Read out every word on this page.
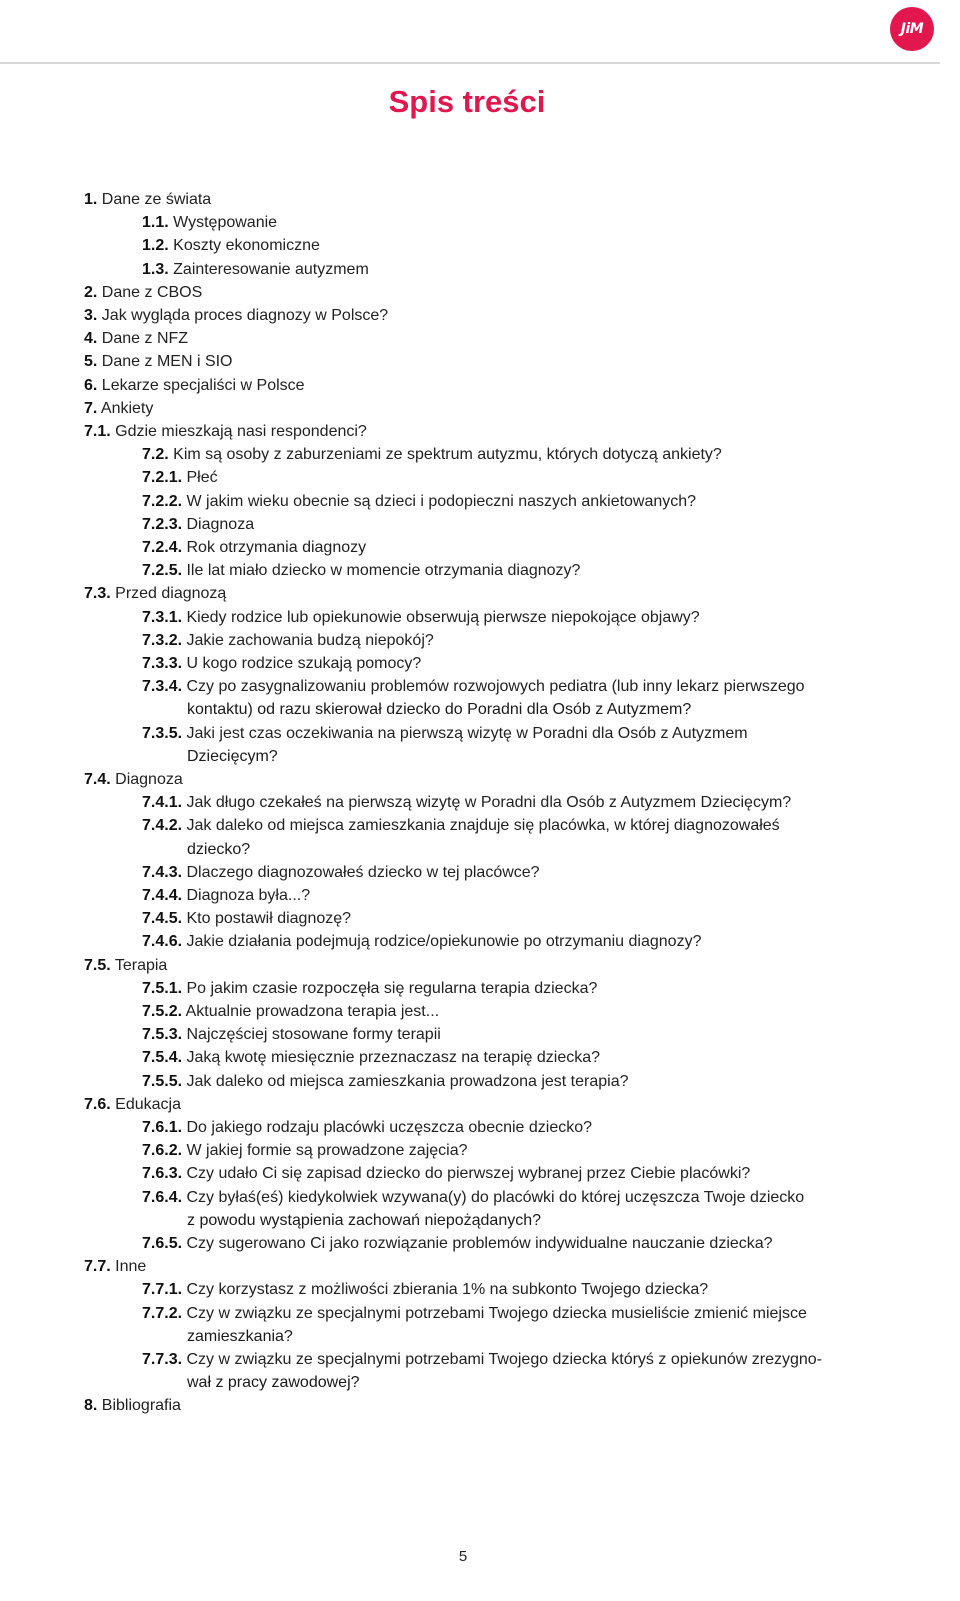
JiM
Spis treści
1. Dane ze świata
1.1. Występowanie
1.2. Koszty ekonomiczne
1.3. Zainteresowanie autyzmem
2. Dane z CBOS
3. Jak wygląda proces diagnozy w Polsce?
4. Dane z NFZ
5. Dane z MEN i SIO
6. Lekarze specjaliści w Polsce
7. Ankiety
7.1. Gdzie mieszkają nasi respondenci?
7.2. Kim są osoby z zaburzeniami ze spektrum autyzmu, których dotyczą ankiety?
7.2.1. Płeć
7.2.2. W jakim wieku obecnie są dzieci i podopieczni naszych ankietowanych?
7.2.3. Diagnoza
7.2.4. Rok otrzymania diagnozy
7.2.5. Ile lat miało dziecko w momencie otrzymania diagnozy?
7.3. Przed diagnozą
7.3.1. Kiedy rodzice lub opiekunowie obserwują pierwsze niepokojące objawy?
7.3.2. Jakie zachowania budzą niepokój?
7.3.3. U kogo rodzice szukają pomocy?
7.3.4. Czy po zasygnalizowaniu problemów rozwojowych pediatra (lub inny lekarz pierwszego
kontaktu) od razu skierował dziecko do Poradni dla Osób z Autyzmem?
7.3.5. Jaki jest czas oczekiwania na pierwszą wizytę w Poradni dla Osób z Autyzmem
Dziecięcym?
7.4. Diagnoza
7.4.1. Jak długo czekałeś na pierwszą wizytę w Poradni dla Osób z Autyzmem Dziecięcym?
7.4.2. Jak daleko od miejsca zamieszkania znajduje się placówka, w której diagnozowałeś
dziecko?
7.4.3. Dlaczego diagnozowałeś dziecko w tej placówce?
7.4.4. Diagnoza była...?
7.4.5. Kto postawił diagnozę?
7.4.6. Jakie działania podejmują rodzice/opiekunowie po otrzymaniu diagnozy?
7.5. Terapia
7.5.1. Po jakim czasie rozpoczęła się regularna terapia dziecka?
7.5.2. Aktualnie prowadzona terapia jest...
7.5.3. Najczęściej stosowane formy terapii
7.5.4. Jaką kwotę miesięcznie przeznaczasz na terapię dziecka?
7.5.5. Jak daleko od miejsca zamieszkania prowadzona jest terapia?
7.6. Edukacja
7.6.1. Do jakiego rodzaju placówki uczęszcza obecnie dziecko?
7.6.2. W jakiej formie są prowadzone zajęcia?
7.6.3. Czy udało Ci się zapisad dziecko do pierwszej wybranej przez Ciebie placówki?
7.6.4. Czy byłaś(eś) kiedykolwiek wzywana(y) do placówki do której uczęszcza Twoje dziecko
z powodu wystąpienia zachowań niepożądanych?
7.6.5. Czy sugerowano Ci jako rozwiązanie problemów indywidualne nauczanie dziecka?
7.7. Inne
7.7.1. Czy korzystasz z możliwości zbierania 1% na subkonto Twojego dziecka?
7.7.2. Czy w związku ze specjalnymi potrzebami Twojego dziecka musieliście zmienić miejsce
zamieszkania?
7.7.3. Czy w związku ze specjalnymi potrzebami Twojego dziecka któryś z opiekunów zrezygno-
wał z pracy zawodowej?
8. Bibliografia
5
